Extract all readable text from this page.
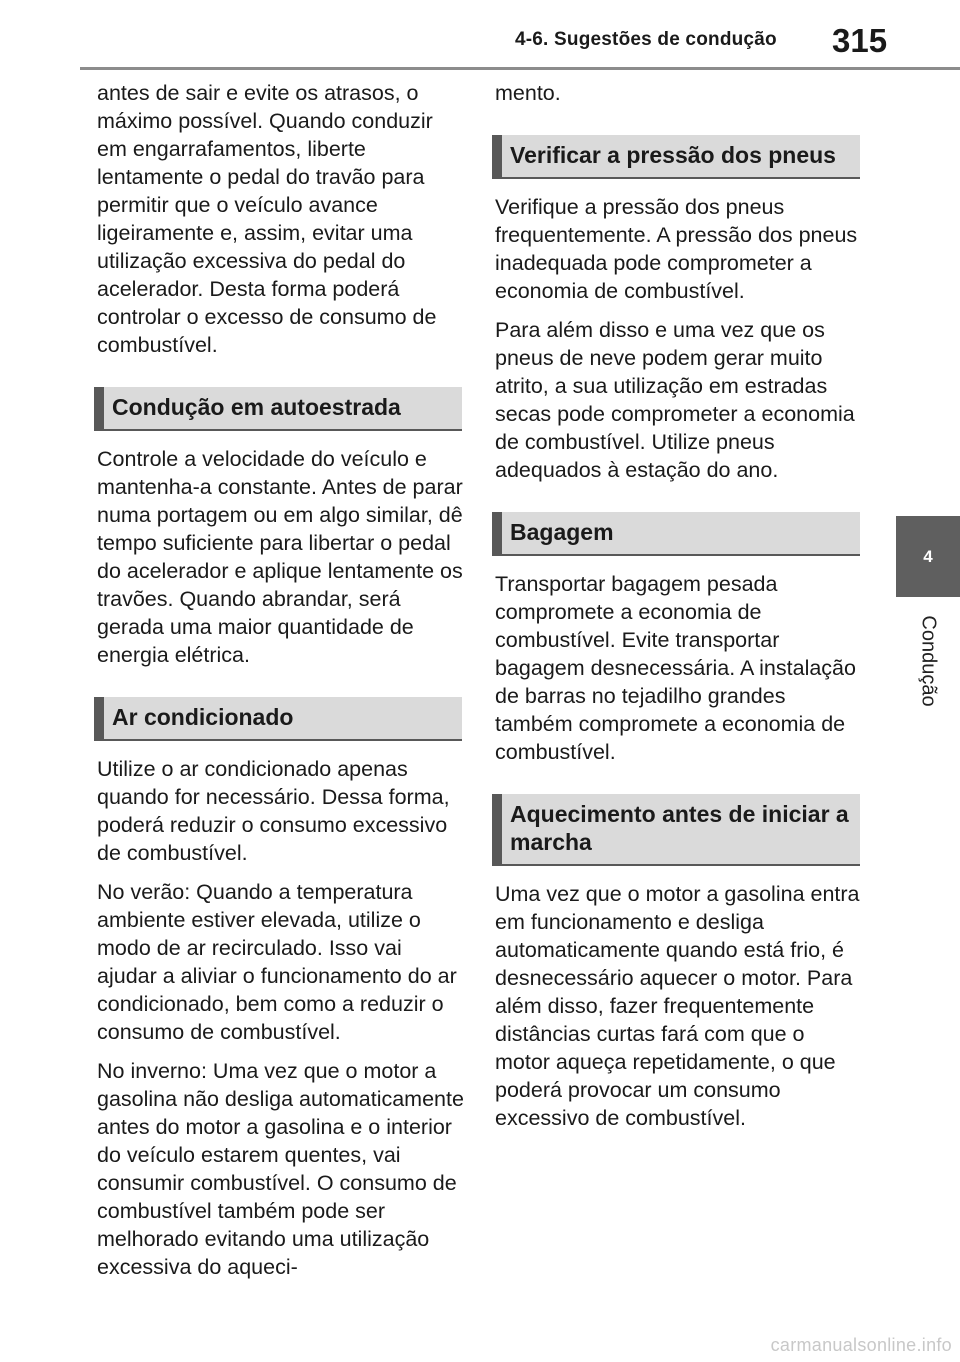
4-6. Sugestões de condução 315
4
Condução

antes de sair e evite os atrasos, o máximo possível. Quando conduzir em engarrafamentos, liberte lentamente o pedal do travão para permitir que o veículo avance ligeiramente e, assim, evitar uma utilização excessiva do pedal do acelerador. Desta forma poderá controlar o excesso de consumo de combustível.

Condução em autoestrada

Controle a velocidade do veículo e mantenha-a constante. Antes de parar numa portagem ou em algo similar, dê tempo suficiente para libertar o pedal do acelerador e aplique lentamente os travões. Quando abrandar, será gerada uma maior quantidade de energia elétrica.

Ar condicionado

Utilize o ar condicionado apenas quando for necessário. Dessa forma, poderá reduzir o consumo excessivo de combustível.

No verão: Quando a temperatura ambiente estiver elevada, utilize o modo de ar recirculado. Isso vai ajudar a aliviar o funcionamento do ar condicionado, bem como a reduzir o consumo de combustível.

No inverno: Uma vez que o motor a gasolina não desliga automaticamente antes do motor a gasolina e o interior do veículo estarem quentes, vai consumir combustível. O consumo de combustível também pode ser melhorado evitando uma utilização excessiva do aqueci-

mento.

Verificar a pressão dos pneus

Verifique a pressão dos pneus frequentemente. A pressão dos pneus inadequada pode comprometer a economia de combustível.

Para além disso e uma vez que os pneus de neve podem gerar muito atrito, a sua utilização em estradas secas pode comprometer a economia de combustível. Utilize pneus adequados à estação do ano.

Bagagem

Transportar bagagem pesada compromete a economia de combustível. Evite transportar bagagem desnecessária. A instalação de barras no tejadilho grandes também compromete a economia de combustível.

Aquecimento antes de iniciar a marcha

Uma vez que o motor a gasolina entra em funcionamento e desliga automaticamente quando está frio, é desnecessário aquecer o motor. Para além disso, fazer frequentemente distâncias curtas fará com que o motor aqueça repetidamente, o que poderá provocar um consumo excessivo de combustível.

carmanualsonline.info
